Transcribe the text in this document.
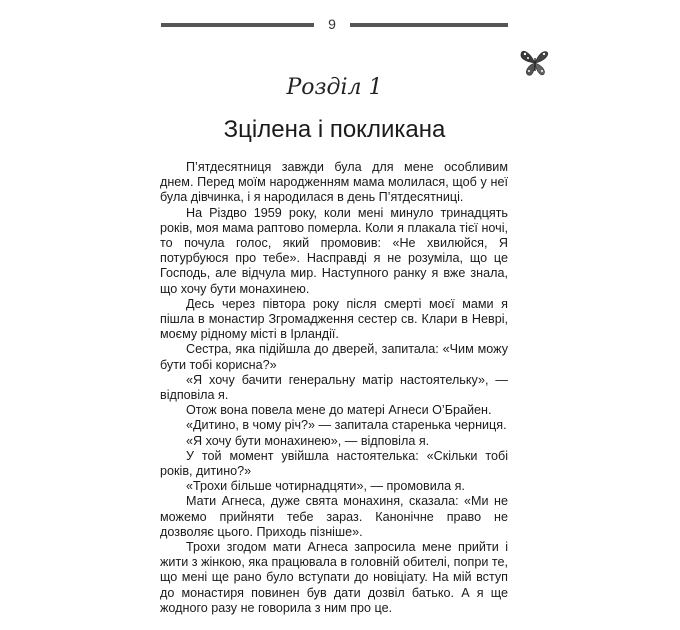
9
Розділ 1
Зцілена і покликана

П’ятдесятниця завжди була для мене особливим днем. Перед моїм народженням мама молилася, щоб у неї була дівчинка, і я народилася в день П’ятдесятниці.

На Різдво 1959 року, коли мені минуло тринадцять років, моя мама раптово померла. Коли я плакала тієї ночі, то почула голос, який промовив: «Не хвилюйся, Я потурбуюся про тебе». Насправді я не розуміла, що це Господь, але відчула мир. Наступного ранку я вже знала, що хочу бути монахинею.

Десь через півтора року після смерті моєї мами я пішла в монастир Згромадження сестер св. Клари в Неврі, моєму рідному місті в Ірландії.

Сестра, яка підійшла до дверей, запитала: «Чим можу бути тобі корисна?»

«Я хочу бачити генеральну матір настоятельку», — відповіла я.

Отож вона повела мене до матері Агнеси О’Брайен.

«Дитино, в чому річ?» — запитала старенька черниця.

«Я хочу бути монахинею», — відповіла я.

У той момент увійшла настоятелька: «Скільки тобі років, дитино?»

«Трохи більше чотирнадцяти», — промовила я.

Мати Агнеса, дуже свята монахиня, сказала: «Ми не можемо прийняти тебе зараз. Канонічне право не дозволяє цього. Приходь пізніше».

Трохи згодом мати Агнеса запросила мене прийти і жити з жінкою, яка працювала в головній обителі, попри те, що мені ще рано було вступати до новіціату. На мій вступ до монастиря повинен був дати дозвіл батько. А я ще жодного разу не говорила з ним про це.
